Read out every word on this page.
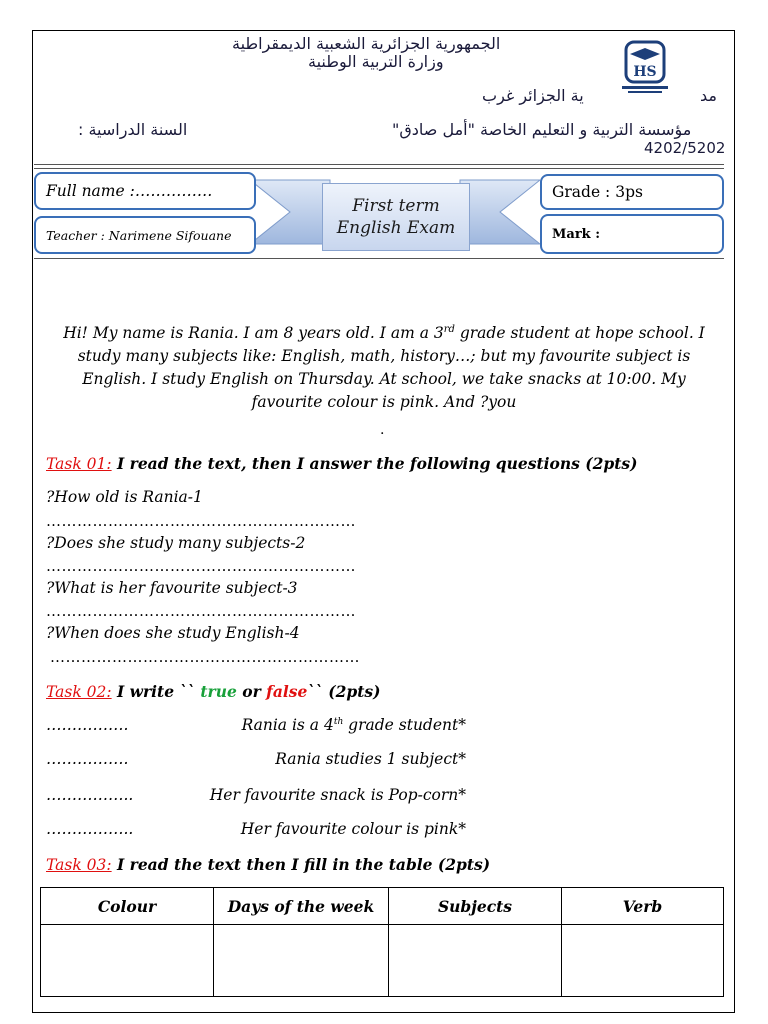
الجمهورية الجزائرية الشعبية الديمقراطية
وزارة التربية الوطنية
ية الجزائر غرب	مد
مؤسسة التربية و التعليم الخاصة "أمل صادق"
السنة الدراسية :
4202/5202
HS
First term
English Exam
Full name :……………
Teacher : Narimene Sifouane
Grade : 3ps
Mark :
Hi! My name is Rania. I am 8 years old. I am a 3rd grade student at hope school. I study many subjects like: English, math, history…; but my favourite subject is English. I study English on Thursday. At school, we take snacks at 10:00. My favourite colour is pink. And ?you
.
Task 01: I read the text, then I answer the following questions (2pts)
?How old is Rania-1
……………………………………………………
?Does she study many subjects-2
……………………………………………………
?What is her favourite subject-3
……………………………………………………
?When does she study English-4
……………………………………………………
Task 02: I write `` true or false`` (2pts)
…………….	Rania is a 4th grade student*
…………….	Rania studies 1 subject*
……………..	Her favourite snack is Pop-corn*
……………..	Her favourite colour is pink*
Task 03: I read the text then I fill in the table (2pts)
Colour	Days of the week	Subjects	Verb
